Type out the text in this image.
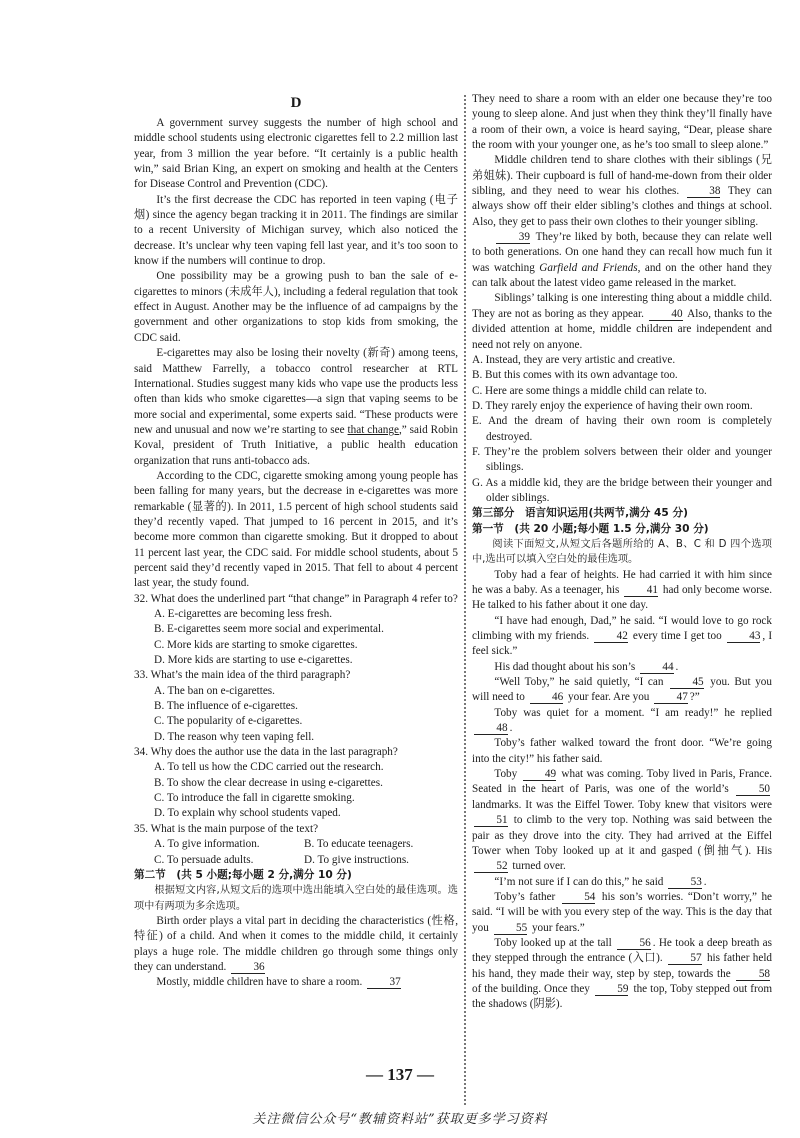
D

A government survey suggests the number of high school and middle school students using electronic cigarettes fell to 2.2 million last year, from 3 million the year before. “It certainly is a public health win,” said Brian King, an expert on smoking and health at the Centers for Disease Control and Prevention (CDC).

It’s the first decrease the CDC has reported in teen vaping (电子烟) since the agency began tracking it in 2011. The findings are similar to a recent University of Michigan survey, which also noticed the decrease. It’s unclear why teen vaping fell last year, and it’s too soon to know if the numbers will continue to drop.

One possibility may be a growing push to ban the sale of e-cigarettes to minors (未成年人), including a federal regulation that took effect in August. Another may be the influence of ad campaigns by the government and other organizations to stop kids from smoking, the CDC said.

E-cigarettes may also be losing their novelty (新奇) among teens, said Matthew Farrelly, a tobacco control researcher at RTL International. Studies suggest many kids who vape use the products less often than kids who smoke cigarettes—a sign that vaping seems to be more social and experimental, some experts said. “These products were new and unusual and now we’re starting to see that change,” said Robin Koval, president of Truth Initiative, a public health education organization that runs anti-tobacco ads.

According to the CDC, cigarette smoking among young people has been falling for many years, but the decrease in e-cigarettes was more remarkable (显著的). In 2011, 1.5 percent of high school students said they’d recently vaped. That jumped to 16 percent in 2015, and it’s become more common than cigarette smoking. But it dropped to about 11 percent last year, the CDC said. For middle school students, about 5 percent said they’d recently vaped in 2015. That fell to about 4 percent last year, the study found.

32. What does the underlined part “that change” in Paragraph 4 refer to?
A. E-cigarettes are becoming less fresh.
B. E-cigarettes seem more social and experimental.
C. More kids are starting to smoke cigarettes.
D. More kids are starting to use e-cigarettes.
33. What’s the main idea of the third paragraph?
A. The ban on e-cigarettes.
B. The influence of e-cigarettes.
C. The popularity of e-cigarettes.
D. The reason why teen vaping fell.
34. Why does the author use the data in the last paragraph?
A. To tell us how the CDC carried out the research.
B. To show the clear decrease in using e-cigarettes.
C. To introduce the fall in cigarette smoking.
D. To explain why school students vaped.
35. What is the main purpose of the text?
A. To give information.	B. To educate teenagers.
C. To persuade adults.	D. To give instructions.
第二节　(共 5 小题;每小题 2 分,满分 10 分)

根据短文内容,从短文后的选项中选出能填入空白处的最佳选项。选项中有两项为多余选项。

Birth order plays a vital part in deciding the characteristics (性格,特征) of a child. And when it comes to the middle child, it certainly plays a huge role. The middle children go through some things only they can understand. 36

Mostly, middle children have to share a room. 37

They need to share a room with an elder one because they’re too young to sleep alone. And just when they think they’ll finally have a room of their own, a voice is heard saying, “Dear, please share the room with your younger one, as he’s too small to sleep alone.”

Middle children tend to share clothes with their siblings (兄弟姐妹). Their cupboard is full of hand-me-down from their older sibling, and they need to wear his clothes.	38 They can always show off their elder sibling’s clothes and things at school. Also, they get to pass their own clothes to their younger sibling.

39 They’re liked by both, because they can relate well to both generations. On one hand they can recall how much fun it was watching Garfield and Friends, and on the other hand they can talk about the latest video game released in the market.

Siblings’ talking is one interesting thing about a middle child. They are not as boring as they appear. 40 Also, thanks to the divided attention at home, middle children are independent and need not rely on anyone.

A. Instead, they are very artistic and creative.
B. But this comes with its own advantage too.
C. Here are some things a middle child can relate to.
D. They rarely enjoy the experience of having their own room.
E. And the dream of having their own room is completely destroyed.
F. They’re the problem solvers between their older and younger siblings.
G. As a middle kid, they are the bridge between their younger and older siblings.
第三部分　语言知识运用(共两节,满分 45 分)
第一节　(共 20 小题;每小题 1.5 分,满分 30 分)

阅读下面短文,从短文后各题所给的 A、B、C 和 D 四个选项中,选出可以填入空白处的最佳选项。

Toby had a fear of heights. He had carried it with him since he was a baby. As a teenager, his 41 had only become worse. He talked to his father about it one day.

“I have had enough, Dad,” he said. “I would love to go rock climbing with my friends. 42 every time I get too 43 , I feel sick.”

His dad thought about his son’s 44 .

“Well Toby,” he said quietly, “I can	45 you. But you will need to 46 your fear. Are you 47 ?”

Toby was quiet for a moment. “I am ready!” he replied 48 .

Toby’s father walked toward the front door. “We’re going into the city!” his father said.

Toby 49 what was coming. Toby lived in Paris, France. Seated in the heart of Paris, was one of the world’s	50 landmarks. It was the Eiffel Tower. Toby knew that visitors were 51 to climb to the very top. Nothing was said between the pair as they drove into the city. They had arrived at the Eiffel Tower when Toby looked up at it and gasped (倒抽气). His 52 turned over.

“I’m not sure if I can do this,” he said 53 .

Toby’s father	54 his son’s worries. “Don’t worry,” he said. “I will be with you every step of the way. This is the day that you 55 your fears.”

Toby looked up at the tall 56 . He took a deep breath as they stepped through the entrance (入口). 57 his father held his hand, they made their way, step by step, towards the	58 of the building. Once they 59 the top, Toby stepped out from the shadows (阴影).

— 137 —
关注微信公众号“教辅资料站”获取更多学习资料
